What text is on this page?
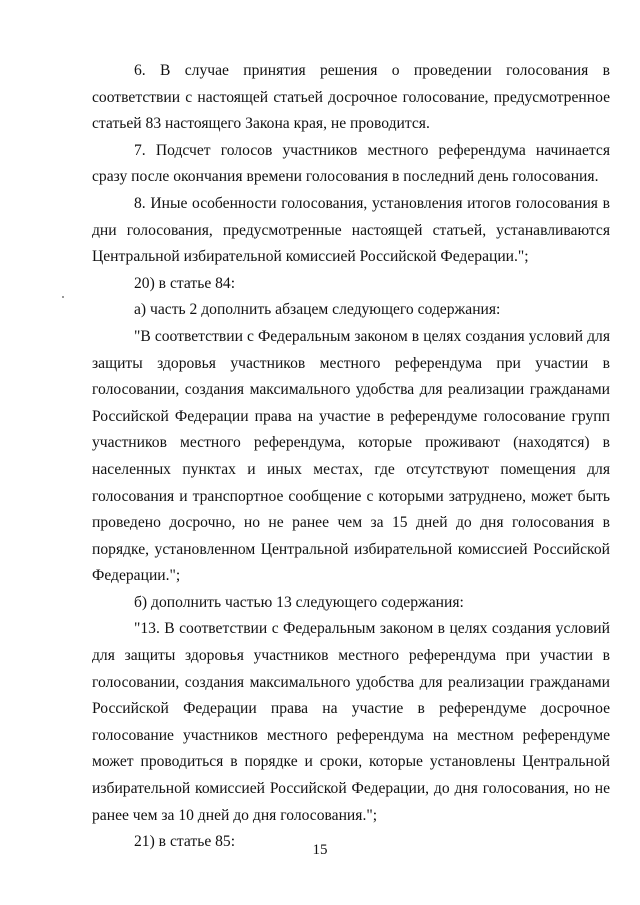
6. В случае принятия решения о проведении голосования в соответствии с настоящей статьей досрочное голосование, предусмотренное статьей 83 настоящего Закона края, не проводится.

7. Подсчет голосов участников местного референдума начинается сразу после окончания времени голосования в последний день голосования.

8. Иные особенности голосования, установления итогов голосования в дни голосования, предусмотренные настоящей статьей, устанавливаются Центральной избирательной комиссией Российской Федерации.";

20) в статье 84:

а) часть 2 дополнить абзацем следующего содержания:

"В соответствии с Федеральным законом в целях создания условий для защиты здоровья участников местного референдума при участии в голосовании, создания максимального удобства для реализации гражданами Российской Федерации права на участие в референдуме голосование групп участников местного референдума, которые проживают (находятся) в населенных пунктах и иных местах, где отсутствуют помещения для голосования и транспортное сообщение с которыми затруднено, может быть проведено досрочно, но не ранее чем за 15 дней до дня голосования в порядке, установленном Центральной избирательной комиссией Российской Федерации.";

б) дополнить частью 13 следующего содержания:

"13. В соответствии с Федеральным законом в целях создания условий для защиты здоровья участников местного референдума при участии в голосовании, создания максимального удобства для реализации гражданами Российской Федерации права на участие в референдуме досрочное голосование участников местного референдума на местном референдуме может проводиться в порядке и сроки, которые установлены Центральной избирательной комиссией Российской Федерации, до дня голосования, но не ранее чем за 10 дней до дня голосования.";

21) в статье 85:	15
